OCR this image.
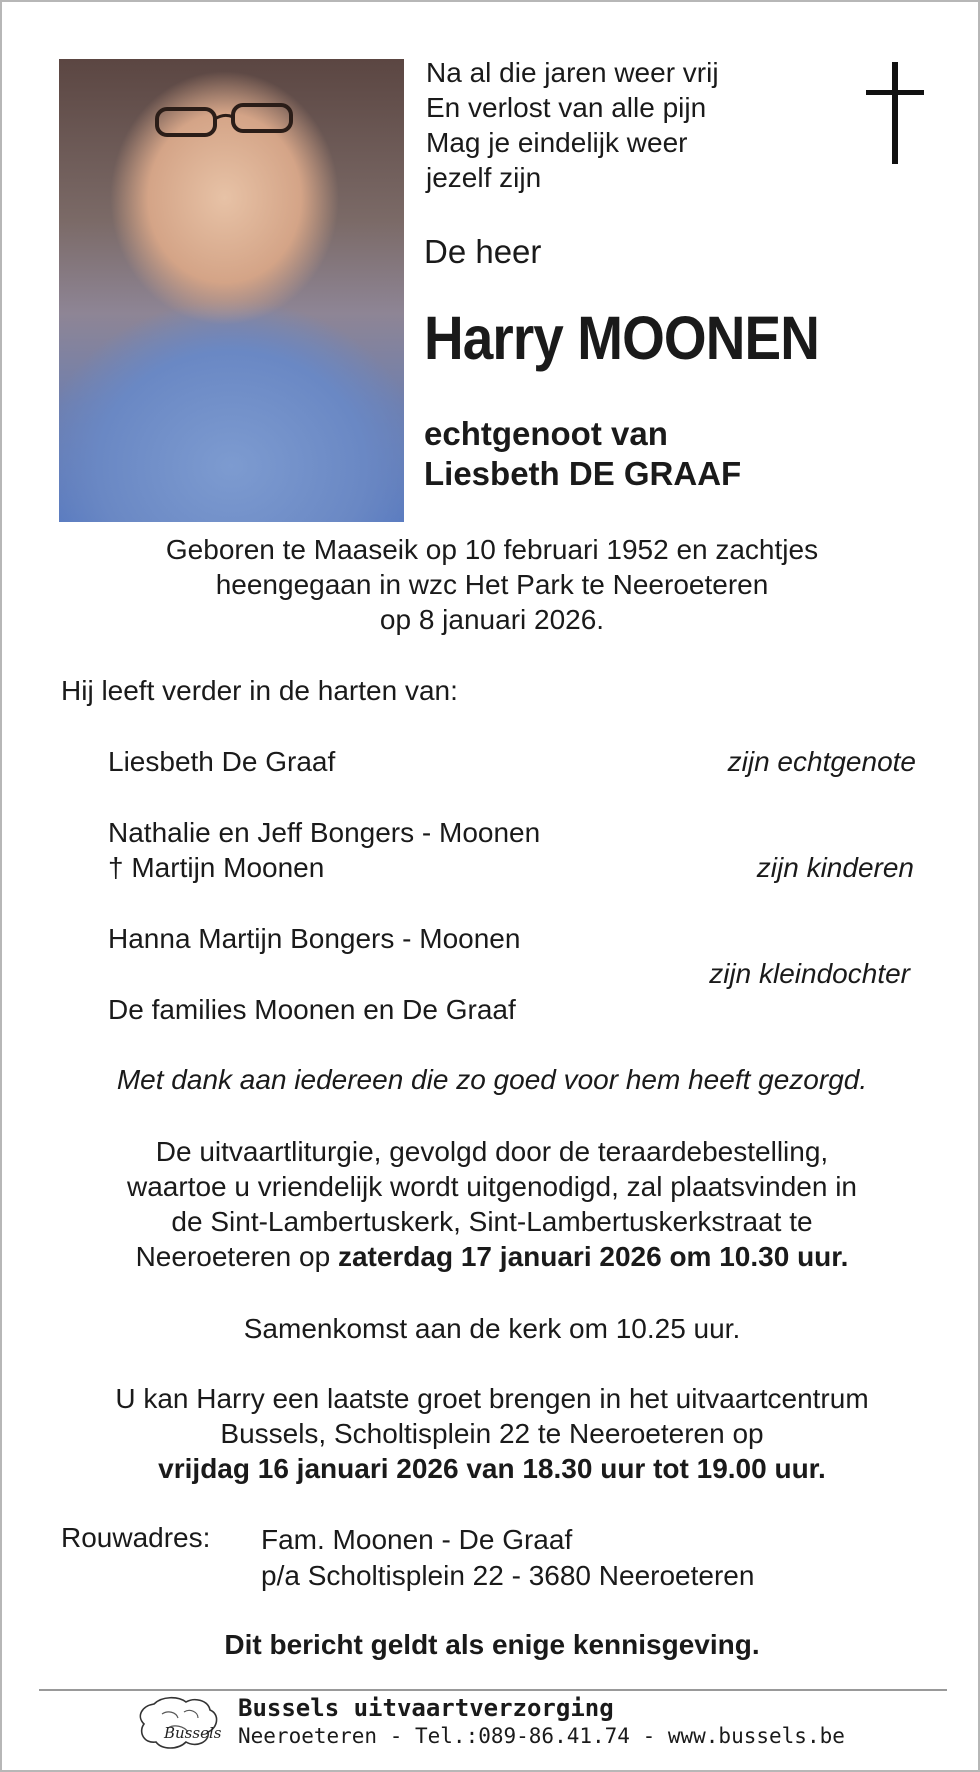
Na al die jaren weer vrij
En verlost van alle pijn
Mag je eindelijk weer
jezelf zijn
De heer
Harry MOONEN
echtgenoot van
Liesbeth DE GRAAF
Geboren te Maaseik op 10 februari 1952 en zachtjes
heengegaan in wzc Het Park te Neeroeteren
op 8 januari 2026.
Hij leeft verder in de harten van:
Liesbeth De Graaf	zijn echtgenote
Nathalie en Jeff Bongers - Moonen
† Martijn Moonen	zijn kinderen
Hanna Martijn Bongers - Moonen
zijn kleindochter
De families Moonen en De Graaf
Met dank aan iedereen die zo goed voor hem heeft gezorgd.
De uitvaartliturgie, gevolgd door de teraardebestelling,
waartoe u vriendelijk wordt uitgenodigd, zal plaatsvinden in
de Sint-Lambertuskerk, Sint-Lambertuskerkstraat te
Neeroeteren op zaterdag 17 januari 2026 om 10.30 uur.
Samenkomst aan de kerk om 10.25 uur.
U kan Harry een laatste groet brengen in het uitvaartcentrum
Bussels, Scholtisplein 22 te Neeroeteren op
vrijdag 16 januari 2026 van 18.30 uur tot 19.00 uur.
Rouwadres: Fam. Moonen - De Graaf
p/a Scholtisplein 22 - 3680 Neeroeteren
Dit bericht geldt als enige kennisgeving.
Bussels
Bussels uitvaartverzorging
Neeroeteren - Tel.:089-86.41.74 - www.bussels.be
